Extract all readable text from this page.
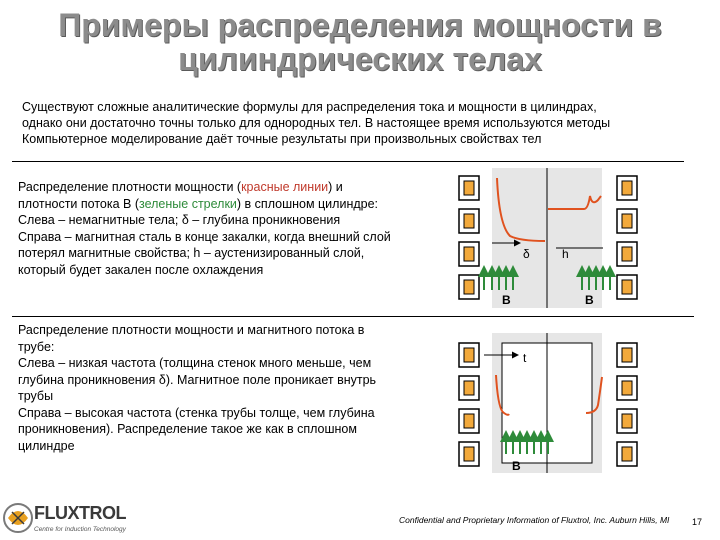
Примеры распределения мощности в
цилиндрических телах
Существуют сложные аналитические формулы для распределения тока и мощности в цилиндрах,
однако они достаточно точны только для однородных тел. В настоящее время используются методы
Компьютерное моделирование даёт точные результаты при произвольных свойствах тел
Распределение плотности мощности (красные линии) и
плотности потока B (зеленые стрелки) в сплошном цилиндре:
Слева – немагнитные тела; δ – глубина проникновения
Справа – магнитная сталь в конце закалки, когда внешний слой
потерял магнитные свойства; h – аустенизированный слой,
который будет закален после охлаждения
Распределение плотности мощности и магнитного потока в
трубе:
Слева – низкая частота (толщина стенок много меньше, чем
глубина проникновения δ). Магнитное поле проникает внутрь
трубы
Справа – высокая частота (стенка трубы толще, чем глубина
проникновения). Распределение такое же как в сплошном
цилиндре
δ	h
B	B
t
B
FLUXTROL
Centre for Induction Technology
Confidential and Proprietary Information of Fluxtrol, Inc. Auburn Hills, MI	17
